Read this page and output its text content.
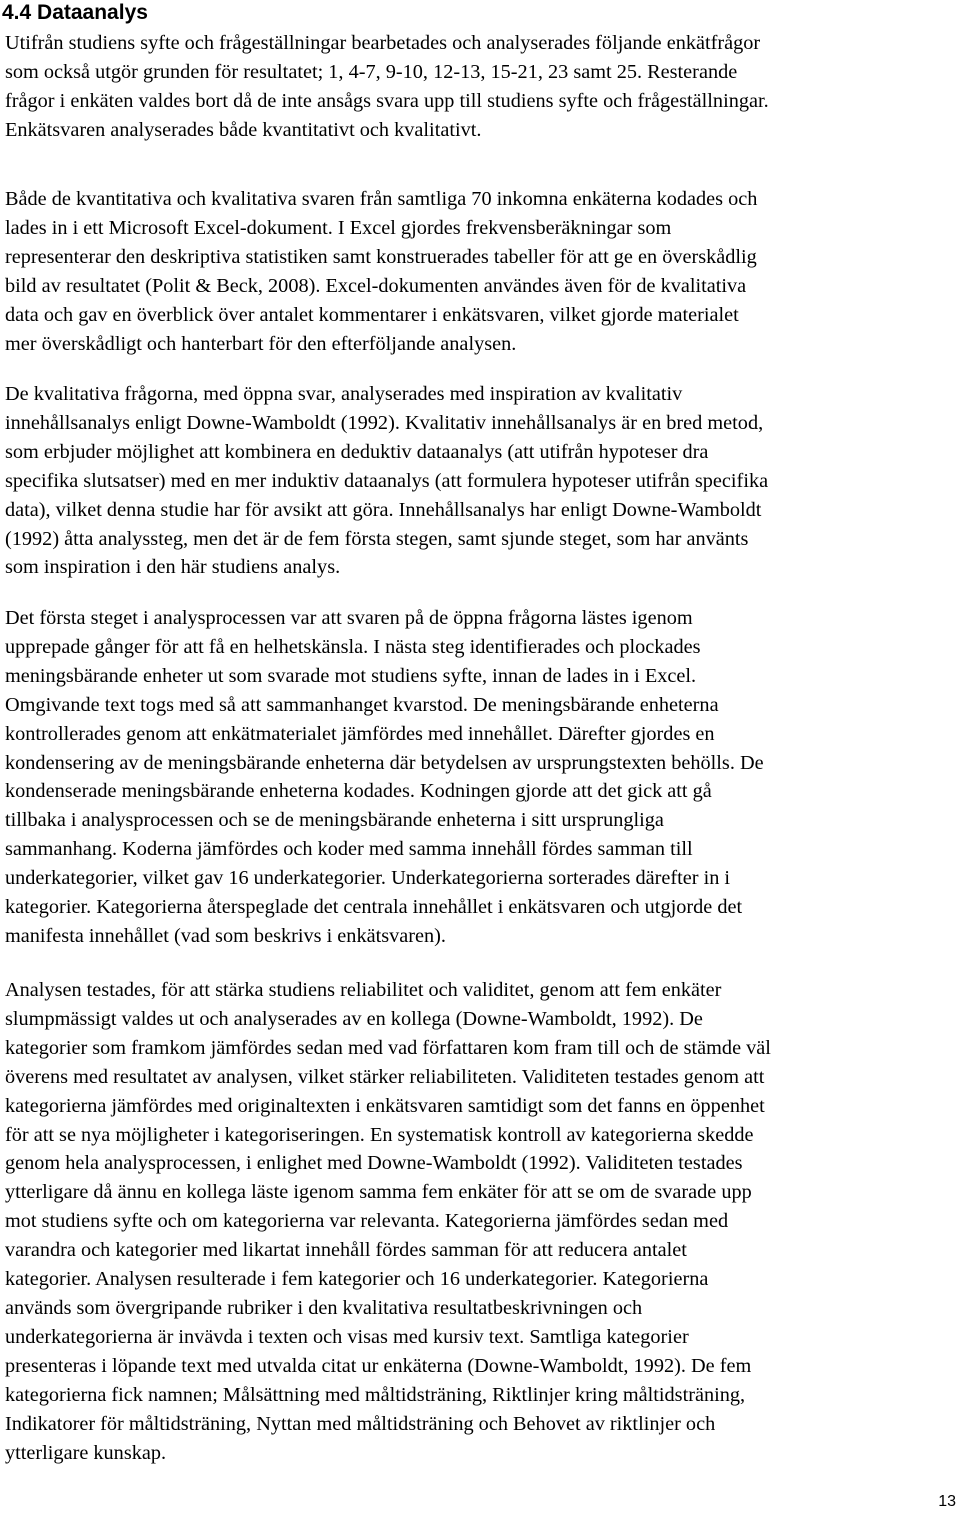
4.4 Dataanalys
Utifrån studiens syfte och frågeställningar bearbetades och analyserades följande enkätfrågor
som också utgör grunden för resultatet; 1, 4-7, 9-10, 12-13, 15-21, 23 samt 25. Resterande
frågor i enkäten valdes bort då de inte ansågs svara upp till studiens syfte och frågeställningar.
Enkätsvaren analyserades både kvantitativt och kvalitativt.
Både de kvantitativa och kvalitativa svaren från samtliga 70 inkomna enkäterna kodades och
lades in i ett Microsoft Excel-dokument. I Excel gjordes frekvensberäkningar som
representerar den deskriptiva statistiken samt konstruerades tabeller för att ge en överskådlig
bild av resultatet (Polit & Beck, 2008). Excel-dokumenten användes även för de kvalitativa
data och gav en överblick över antalet kommentarer i enkätsvaren, vilket gjorde materialet
mer överskådligt och hanterbart för den efterföljande analysen.
De kvalitativa frågorna, med öppna svar, analyserades med inspiration av kvalitativ
innehållsanalys enligt Downe-Wamboldt (1992). Kvalitativ innehållsanalys är en bred metod,
som erbjuder möjlighet att kombinera en deduktiv dataanalys (att utifrån hypoteser dra
specifika slutsatser) med en mer induktiv dataanalys (att formulera hypoteser utifrån specifika
data), vilket denna studie har för avsikt att göra. Innehållsanalys har enligt Downe-Wamboldt
(1992) åtta analyssteg, men det är de fem första stegen, samt sjunde steget, som har använts
som inspiration i den här studiens analys.
Det första steget i analysprocessen var att svaren på de öppna frågorna lästes igenom
upprepade gånger för att få en helhetskänsla. I nästa steg identifierades och plockades
meningsbärande enheter ut som svarade mot studiens syfte, innan de lades in i Excel.
Omgivande text togs med så att sammanhanget kvarstod. De meningsbärande enheterna
kontrollerades genom att enkätmaterialet jämfördes med innehållet. Därefter gjordes en
kondensering av de meningsbärande enheterna där betydelsen av ursprungstexten behölls. De
kondenserade meningsbärande enheterna kodades. Kodningen gjorde att det gick att gå
tillbaka i analysprocessen och se de meningsbärande enheterna i sitt ursprungliga
sammanhang. Koderna jämfördes och koder med samma innehåll fördes samman till
underkategorier, vilket gav 16 underkategorier. Underkategorierna sorterades därefter in i
kategorier. Kategorierna återspeglade det centrala innehållet i enkätsvaren och utgjorde det
manifesta innehållet (vad som beskrivs i enkätsvaren).
Analysen testades, för att stärka studiens reliabilitet och validitet, genom att fem enkäter
slumpmässigt valdes ut och analyserades av en kollega (Downe-Wamboldt, 1992). De
kategorier som framkom jämfördes sedan med vad författaren kom fram till och de stämde väl
överens med resultatet av analysen, vilket stärker reliabiliteten. Validiteten testades genom att
kategorierna jämfördes med originaltexten i enkätsvaren samtidigt som det fanns en öppenhet
för att se nya möjligheter i kategoriseringen. En systematisk kontroll av kategorierna skedde
genom hela analysprocessen, i enlighet med Downe-Wamboldt (1992). Validiteten testades
ytterligare då ännu en kollega läste igenom samma fem enkäter för att se om de svarade upp
mot studiens syfte och om kategorierna var relevanta. Kategorierna jämfördes sedan med
varandra och kategorier med likartat innehåll fördes samman för att reducera antalet
kategorier. Analysen resulterade i fem kategorier och 16 underkategorier. Kategorierna
används som övergripande rubriker i den kvalitativa resultatbeskrivningen och
underkategorierna är invävda i texten och visas med kursiv text. Samtliga kategorier
presenteras i löpande text med utvalda citat ur enkäterna (Downe-Wamboldt, 1992). De fem
kategorierna fick namnen; Målsättning med måltidsträning, Riktlinjer kring måltidsträning,
Indikatorer för måltidsträning, Nyttan med måltidsträning och Behovet av riktlinjer och
ytterligare kunskap.
13
